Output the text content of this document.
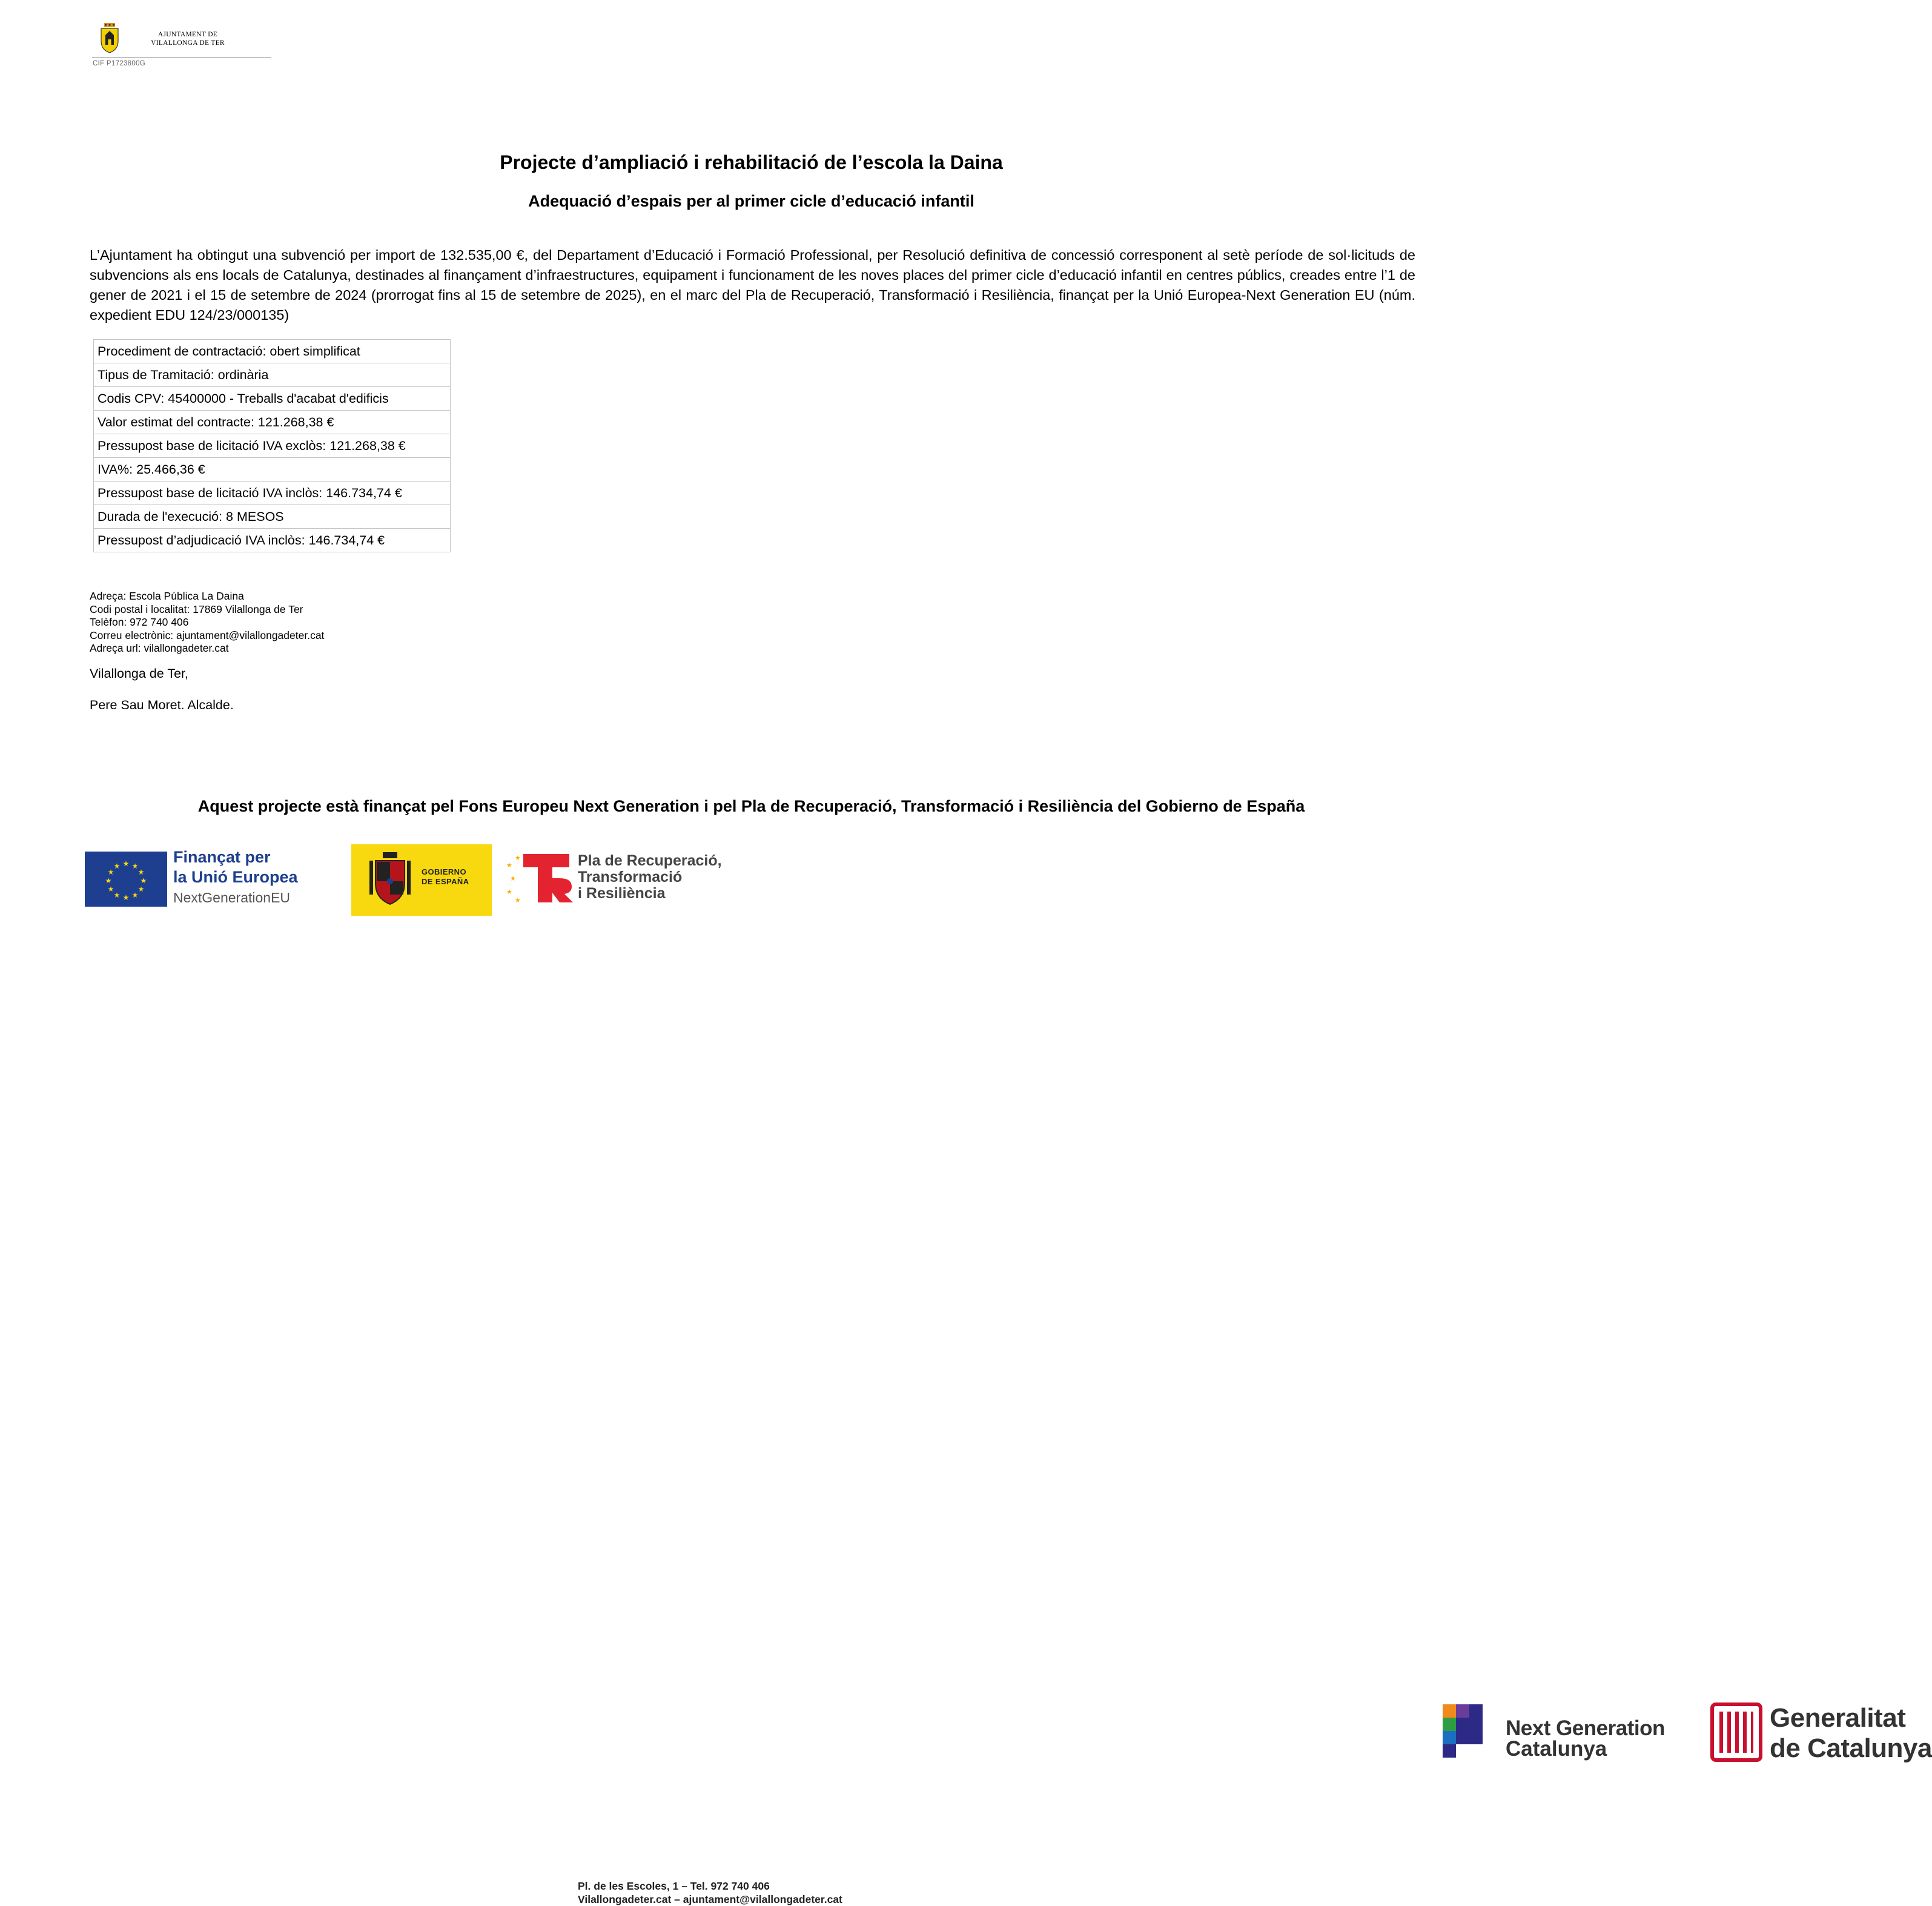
AJUNTAMENT DE
VILALLONGA DE TER
CIF P1723800G
Projecte d’ampliació i rehabilitació de l’escola la Daina
Adequació d’espais per al primer cicle d’educació infantil

L’Ajuntament ha obtingut una subvenció per import de 132.535,00 €, del Departament d’Educació i Formació Professional, per Resolució definitiva de concessió corresponent al setè període de sol·licituds de subvencions als ens locals de Catalunya, destinades al finançament d’infraestructures, equipament i funcionament de les noves places del primer cicle d’educació infantil en centres públics, creades entre l’1 de gener de 2021 i el 15 de setembre de 2024 (prorrogat fins al 15 de setembre de 2025), en el marc del Pla de Recuperació, Transformació i Resiliència, finançat per la Unió Europea-Next Generation EU (núm. expedient EDU 124/23/000135)

Procediment de contractació: obert simplificat
Tipus de Tramitació: ordinària
Codis CPV: 45400000 - Treballs d'acabat d'edificis
Valor estimat del contracte: 121.268,38 €
Pressupost base de licitació IVA exclòs: 121.268,38 €
IVA%: 25.466,36 €
Pressupost base de licitació IVA inclòs: 146.734,74 €
Durada de l'execució: 8 MESOS
Pressupost d’adjudicació IVA inclòs: 146.734,74 €
Adreça: Escola Pública La Daina
Codi postal i localitat: 17869 Vilallonga de Ter
Telèfon: 972 740 406
Correu electrònic: ajuntament@vilallongadeter.cat
Adreça url: vilallongadeter.cat
Vilallonga de Ter,
Pere Sau Moret. Alcalde.
Aquest projecte està finançat pel Fons Europeu Next Generation i pel Pla de Recuperació, Transformació i Resiliència del Gobierno de España
★ ★
★
★
★
★
★
★
★
★
★
★	Finançat per
la Unió Europea
NextGenerationEU
GOBIERNO
DE ESPAÑA
★
★
★
★
★
Pla de Recuperació,
Transformació
i Resiliència
Next Generation
Catalunya
Generalitat
de Catalunya
Pl. de les Escoles, 1 – Tel. 972 740 406
Vilallongadeter.cat – ajuntament@vilallongadeter.cat
